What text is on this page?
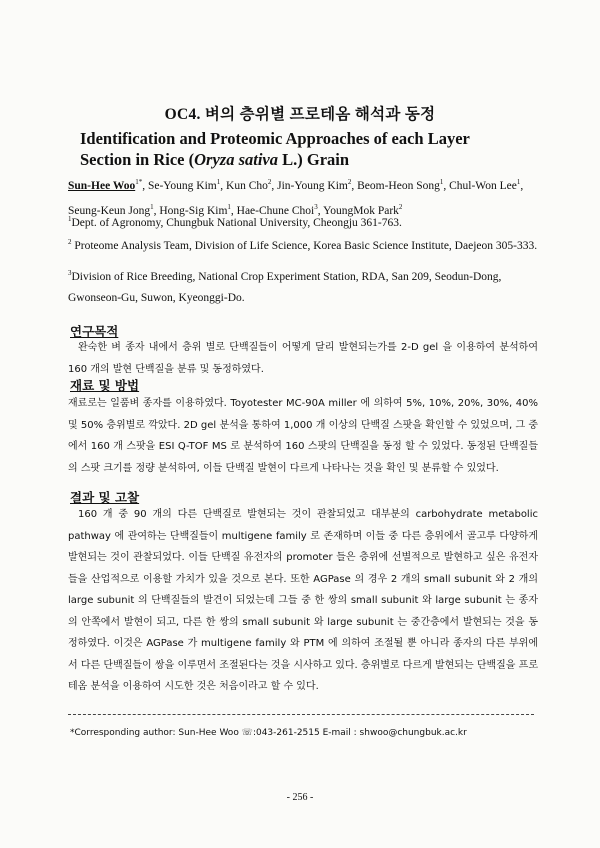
OC4. 벼의 층위별 프로테옴 해석과 동정
Identification and Proteomic Approaches of each Layer Section in Rice (Oryza sativa L.) Grain
Sun-Hee Woo$^{1*}$, Se-Young Kim$^1$, Kun Cho$^2$, Jin-Young Kim$^2$, Beom-Heon Song$^1$, Chul-Won Lee$^1$, Seung-Keun Jong$^1$, Hong-Sig Kim$^1$, Hae-Chune Choi$^3$, YoungMok Park$^2$
$^1$Dept. of Agronomy, Chungbuk National University, Cheongju 361-763.
$^2$ Proteome Analysis Team, Division of Life Science, Korea Basic Science Institute, Daejeon 305-333.
$^3$Division of Rice Breeding, National Crop Experiment Station, RDA, San 209, Seodun-Dong, Gwonseon-Gu, Suwon, Kyeonggi-Do.
연구목적

완숙한 벼 종자 내에서 층위 별로 단백질들이 어떻게 달리 발현되는가를 2-D gel 을 이용하여 분석하여 160 개의 발현 단백질을 분류 및 동정하였다.

재료 및 방법

재료로는 일품벼 종자를 이용하였다. Toyotester MC-90A miller 에 의하여 5%, 10%, 20%, 30%, 40% 및 50% 층위별로 깍았다. 2D gel 분석을 통하여 1,000 개 이상의 단백질 스팟을 확인할 수 있었으며, 그 중에서 160 개 스팟을 ESI Q-TOF MS 로 분석하여 160 스팟의 단백질을 동정 할 수 있었다. 동정된 단백질들의 스팟 크기를 정량 분석하여, 이들 단백질 발현이 다르게 나타나는 것을 확인 및 분류할 수 있었다.

결과 및 고찰

160 개 중 90 개의 다른 단백질로 발현되는 것이 관찰되었고 대부분의 carbohydrate metabolic pathway 에 관여하는 단백질들이 multigene family 로 존재하며 이들 중 다른 층위에서 골고루 다양하게 발현되는 것이 관찰되었다. 이들 단백질 유전자의 promoter 들은 층위에 선별적으로 발현하고 싶은 유전자들을 산업적으로 이용할 가치가 있을 것으로 본다. 또한 AGPase 의 경우 2 개의 small subunit 와 2 개의 large subunit 의 단백질들의 발견이 되었는데 그들 중 한 쌍의 small subunit 와 large subunit 는 종자의 안쪽에서 발현이 되고, 다른 한 쌍의 small subunit 와 large subunit 는 중간층에서 발현되는 것을 동정하였다. 이것은 AGPase 가 multigene family 와 PTM 에 의하여 조절될 뿐 아니라 종자의 다른 부위에서 다른 단백질들이 쌍을 이루면서 조절된다는 것을 시사하고 있다. 층위별로 다르게 발현되는 단백질을 프로테옴 분석을 이용하여 시도한 것은 처음이라고 할 수 있다.

*Corresponding author: Sun-Hee Woo ☏:043-261-2515 E-mail : shwoo@chungbuk.ac.kr
- 256 -
